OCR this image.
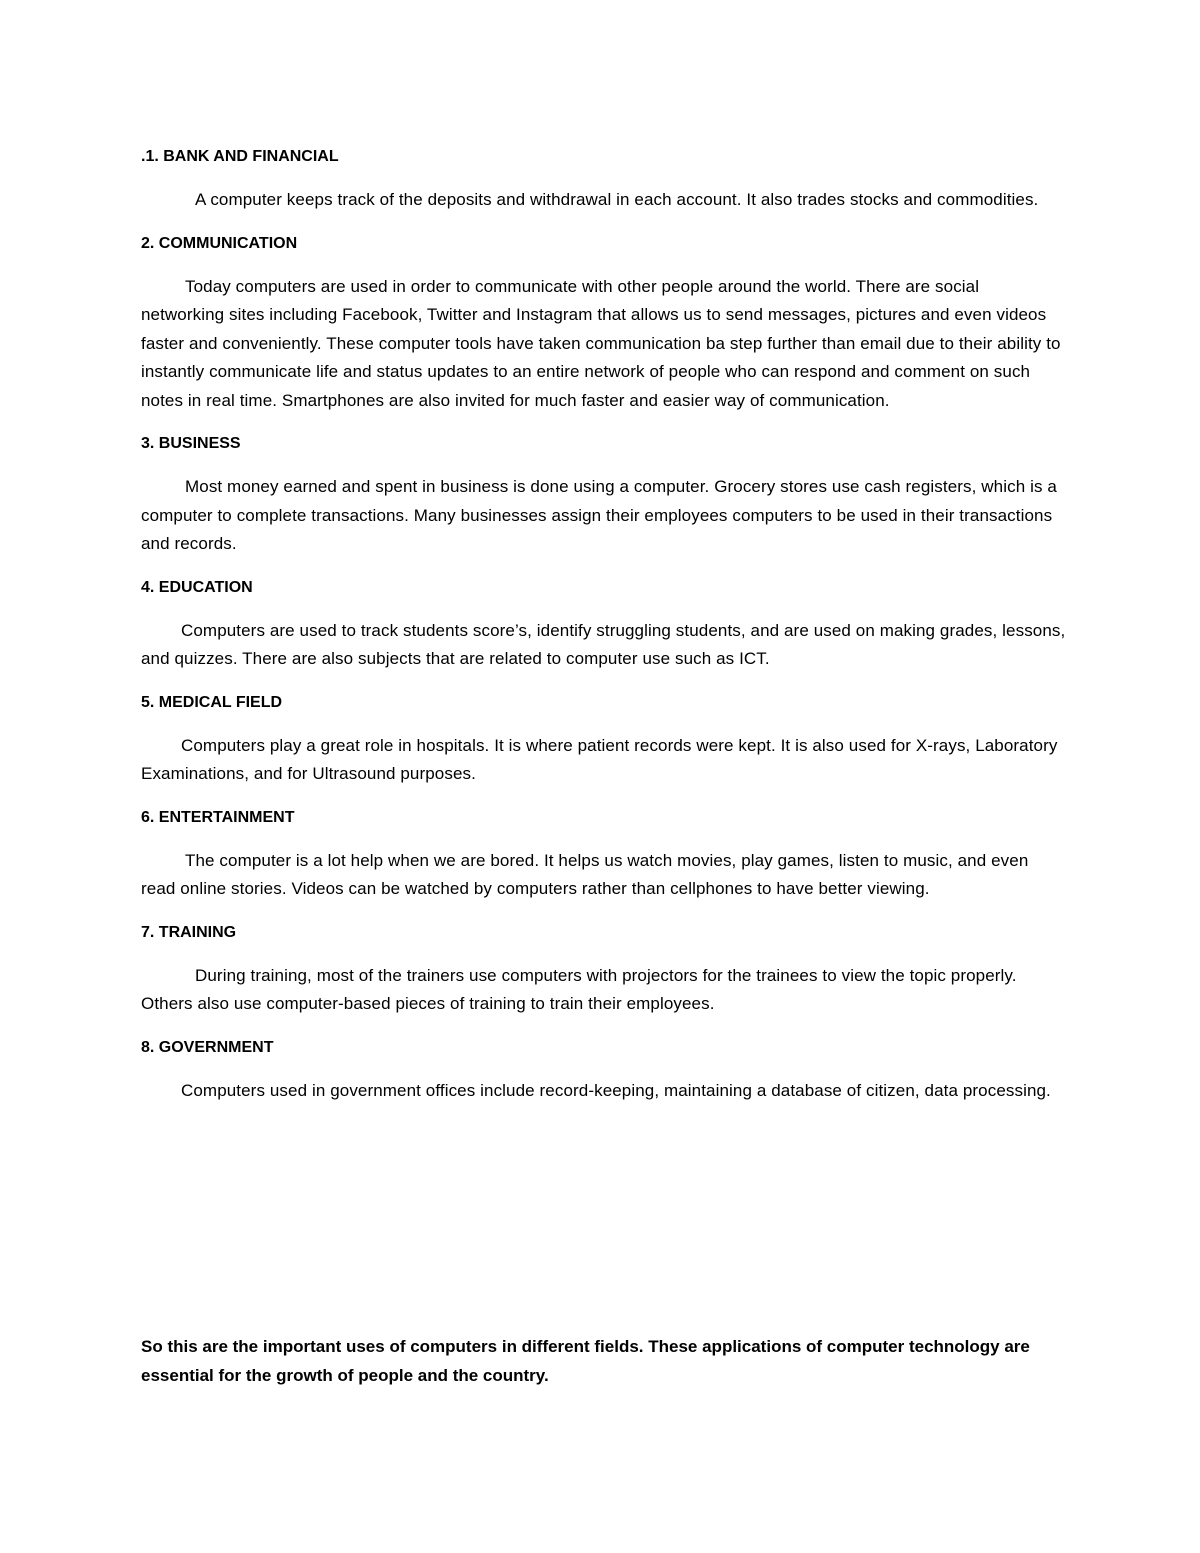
.1. BANK AND FINANCIAL

A computer keeps track of the deposits and withdrawal in each account. It also trades stocks and commodities.

2. COMMUNICATION

Today computers are used in order to communicate with other people around the world. There are social networking sites including Facebook, Twitter and Instagram that allows us to send messages, pictures and even videos faster and conveniently. These computer tools have taken communication ba step further than email due to their ability to instantly communicate life and status updates to an entire network of people who can respond and comment on such notes in real time. Smartphones are also invited for much faster and easier way of communication.

3. BUSINESS

Most money earned and spent in business is done using a computer. Grocery stores use cash registers, which is a computer to complete transactions. Many businesses assign their employees computers to be used in their transactions and records.

4. EDUCATION

Computers are used to track students score’s, identify struggling students, and are used on making grades, lessons, and quizzes. There are also subjects that are related to computer use such as ICT.

5. MEDICAL FIELD

Computers play a great role in hospitals. It is where patient records were kept. It is also used for X-rays, Laboratory Examinations, and for Ultrasound purposes.

6. ENTERTAINMENT

The computer is a lot help when we are bored. It helps us watch movies, play games, listen to music, and even read online stories. Videos can be watched by computers rather than cellphones to have better viewing.

7. TRAINING

During training, most of the trainers use computers with projectors for the trainees to view the topic properly. Others also use computer-based pieces of training to train their employees.

8. GOVERNMENT

Computers used in government offices include record-keeping, maintaining a database of citizen, data processing.

So this are the important uses of computers in different fields. These applications of computer technology are essential for the growth of people and the country.
